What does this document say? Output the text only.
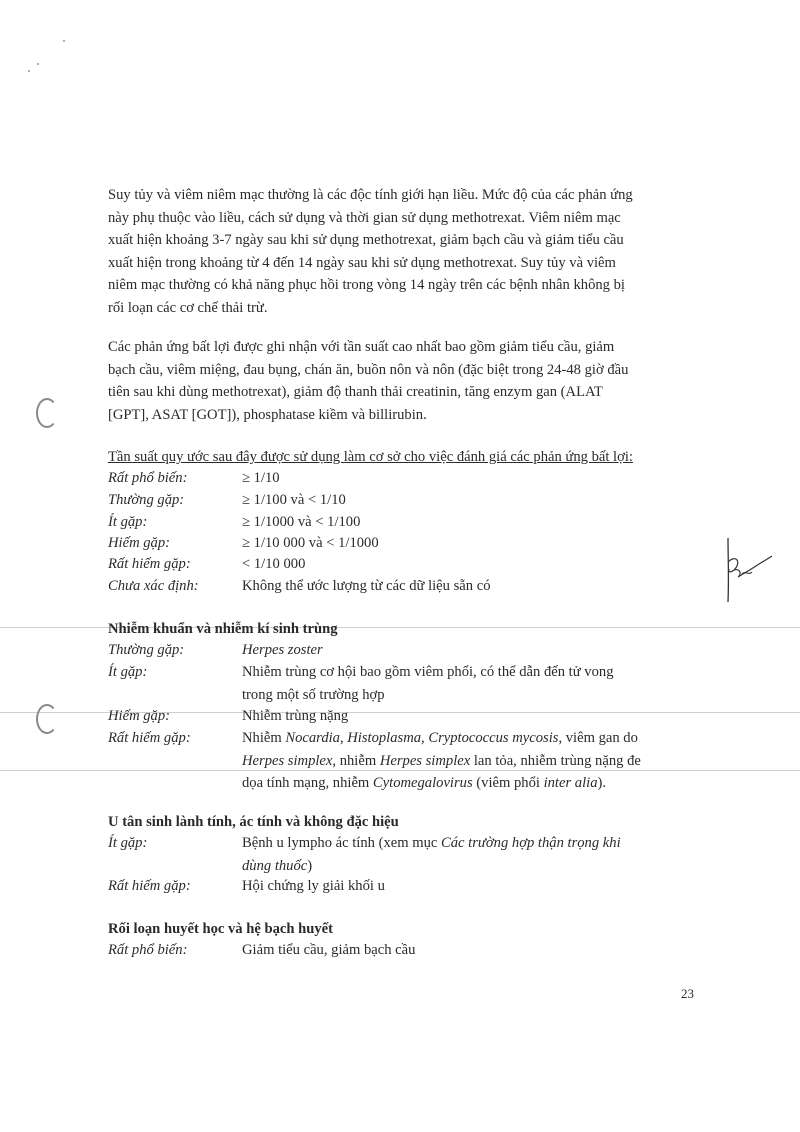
Suy tủy và viêm niêm mạc thường là các độc tính giới hạn liều. Mức độ của các phản ứng
này phụ thuộc vào liều, cách sử dụng và thời gian sử dụng methotrexat. Viêm niêm mạc
xuất hiện khoảng 3-7 ngày sau khi sử dụng methotrexat, giảm bạch cầu và giảm tiểu cầu
xuất hiện trong khoảng từ 4 đến 14 ngày sau khi sử dụng methotrexat. Suy tủy và viêm
niêm mạc thường có khả năng phục hồi trong vòng 14 ngày trên các bệnh nhân không bị
rối loạn các cơ chế thải trừ.
Các phản ứng bất lợi được ghi nhận với tần suất cao nhất bao gồm giảm tiểu cầu, giảm
bạch cầu, viêm miệng, đau bụng, chán ăn, buồn nôn và nôn (đặc biệt trong 24-48 giờ đầu
tiên sau khi dùng methotrexat), giảm độ thanh thải creatinin, tăng enzym gan (ALAT
[GPT], ASAT [GOT]), phosphatase kiềm và billirubin.
Tần suất quy ước sau đây được sử dụng làm cơ sở cho việc đánh giá các phản ứng bất lợi:
Rất phổ biến:	≥ 1/10
Thường gặp:	≥ 1/100 và < 1/10
Ít gặp:	≥ 1/1000 và < 1/100
Hiếm gặp:	≥ 1/10 000 và < 1/1000
Rất hiếm gặp:	< 1/10 000
Chưa xác định:	Không thể ước lượng từ các dữ liệu sẵn có
Nhiễm khuẩn và nhiễm kí sinh trùng
Thường gặp:	Herpes zoster
Ít gặp:	Nhiễm trùng cơ hội bao gồm viêm phổi, có thể dẫn đến tử vong
trong một số trường hợp
Hiếm gặp:	Nhiễm trùng nặng
Rất hiếm gặp:	Nhiễm Nocardia, Histoplasma, Cryptococcus mycosis, viêm gan do
Herpes simplex, nhiễm Herpes simplex lan tỏa, nhiễm trùng nặng đe
dọa tính mạng, nhiễm Cytomegalovirus (viêm phổi inter alia).
U tân sinh lành tính, ác tính và không đặc hiệu
Ít gặp:	Bệnh u lympho ác tính (xem mục Các trường hợp thận trọng khi
dùng thuốc)
Rất hiếm gặp:	Hội chứng ly giải khối u
Rối loạn huyết học và hệ bạch huyết
Rất phổ biến:	Giảm tiểu cầu, giảm bạch cầu
23
